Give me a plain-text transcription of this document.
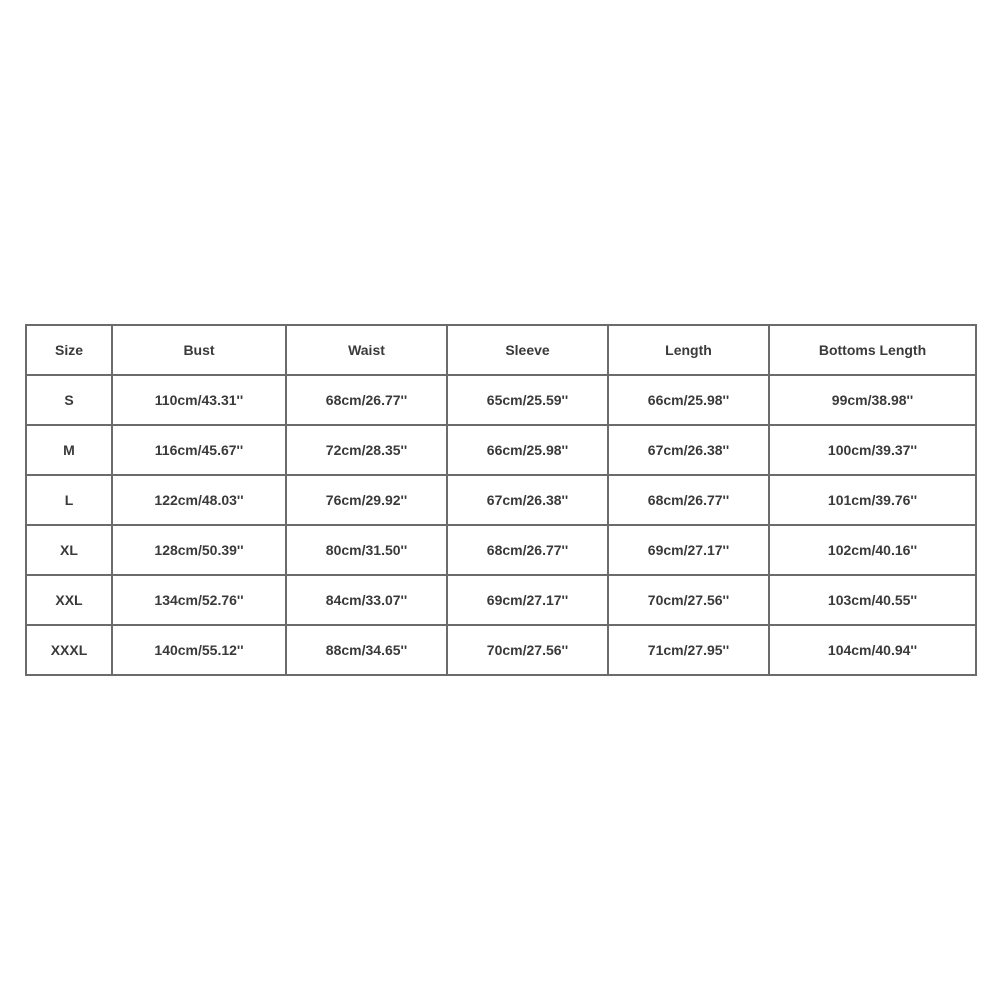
Size	Bust	Waist	Sleeve	Length	Bottoms Length
S	110cm/43.31''	68cm/26.77''	65cm/25.59''	66cm/25.98''	99cm/38.98''
M	116cm/45.67''	72cm/28.35''	66cm/25.98''	67cm/26.38''	100cm/39.37''
L	122cm/48.03''	76cm/29.92''	67cm/26.38''	68cm/26.77''	101cm/39.76''
XL	128cm/50.39''	80cm/31.50''	68cm/26.77''	69cm/27.17''	102cm/40.16''
XXL	134cm/52.76''	84cm/33.07''	69cm/27.17''	70cm/27.56''	103cm/40.55''
XXXL	140cm/55.12''	88cm/34.65''	70cm/27.56''	71cm/27.95''	104cm/40.94''
